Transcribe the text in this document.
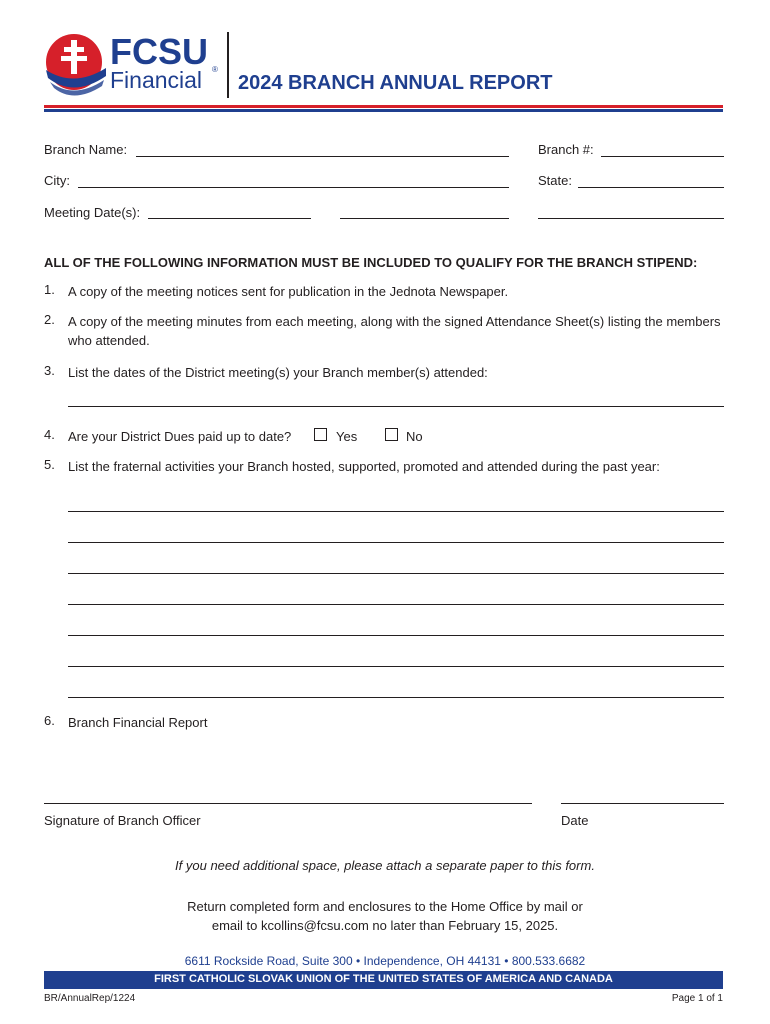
FCSU
Financial ®
2024 BRANCH ANNUAL REPORT
Branch Name:	Branch #:
City:	State:
Meeting Date(s):
ALL OF THE FOLLOWING INFORMATION MUST BE INCLUDED TO QUALIFY FOR THE BRANCH STIPEND:
1. A copy of the meeting notices sent for publication in the Jednota Newspaper.
2. A copy of the meeting minutes from each meeting, along with the signed Attendance Sheet(s) listing the members
who attended.
3. List the dates of the District meeting(s) your Branch member(s) attended:
4. Are your District Dues paid up to date?	Yes	No
5. List the fraternal activities your Branch hosted, supported, promoted and attended during the past year:
6. Branch Financial Report
Signature of Branch Officer	Date
If you need additional space, please attach a separate paper to this form.
Return completed form and enclosures to the Home Office by mail or
email to kcollins@fcsu.com no later than February 15, 2025.
6611 Rockside Road, Suite 300 • Independence, OH 44131 • 800.533.6682
FIRST CATHOLIC SLOVAK UNION OF THE UNITED STATES OF AMERICA AND CANADA
BR/AnnualRep/1224	Page 1 of 1
